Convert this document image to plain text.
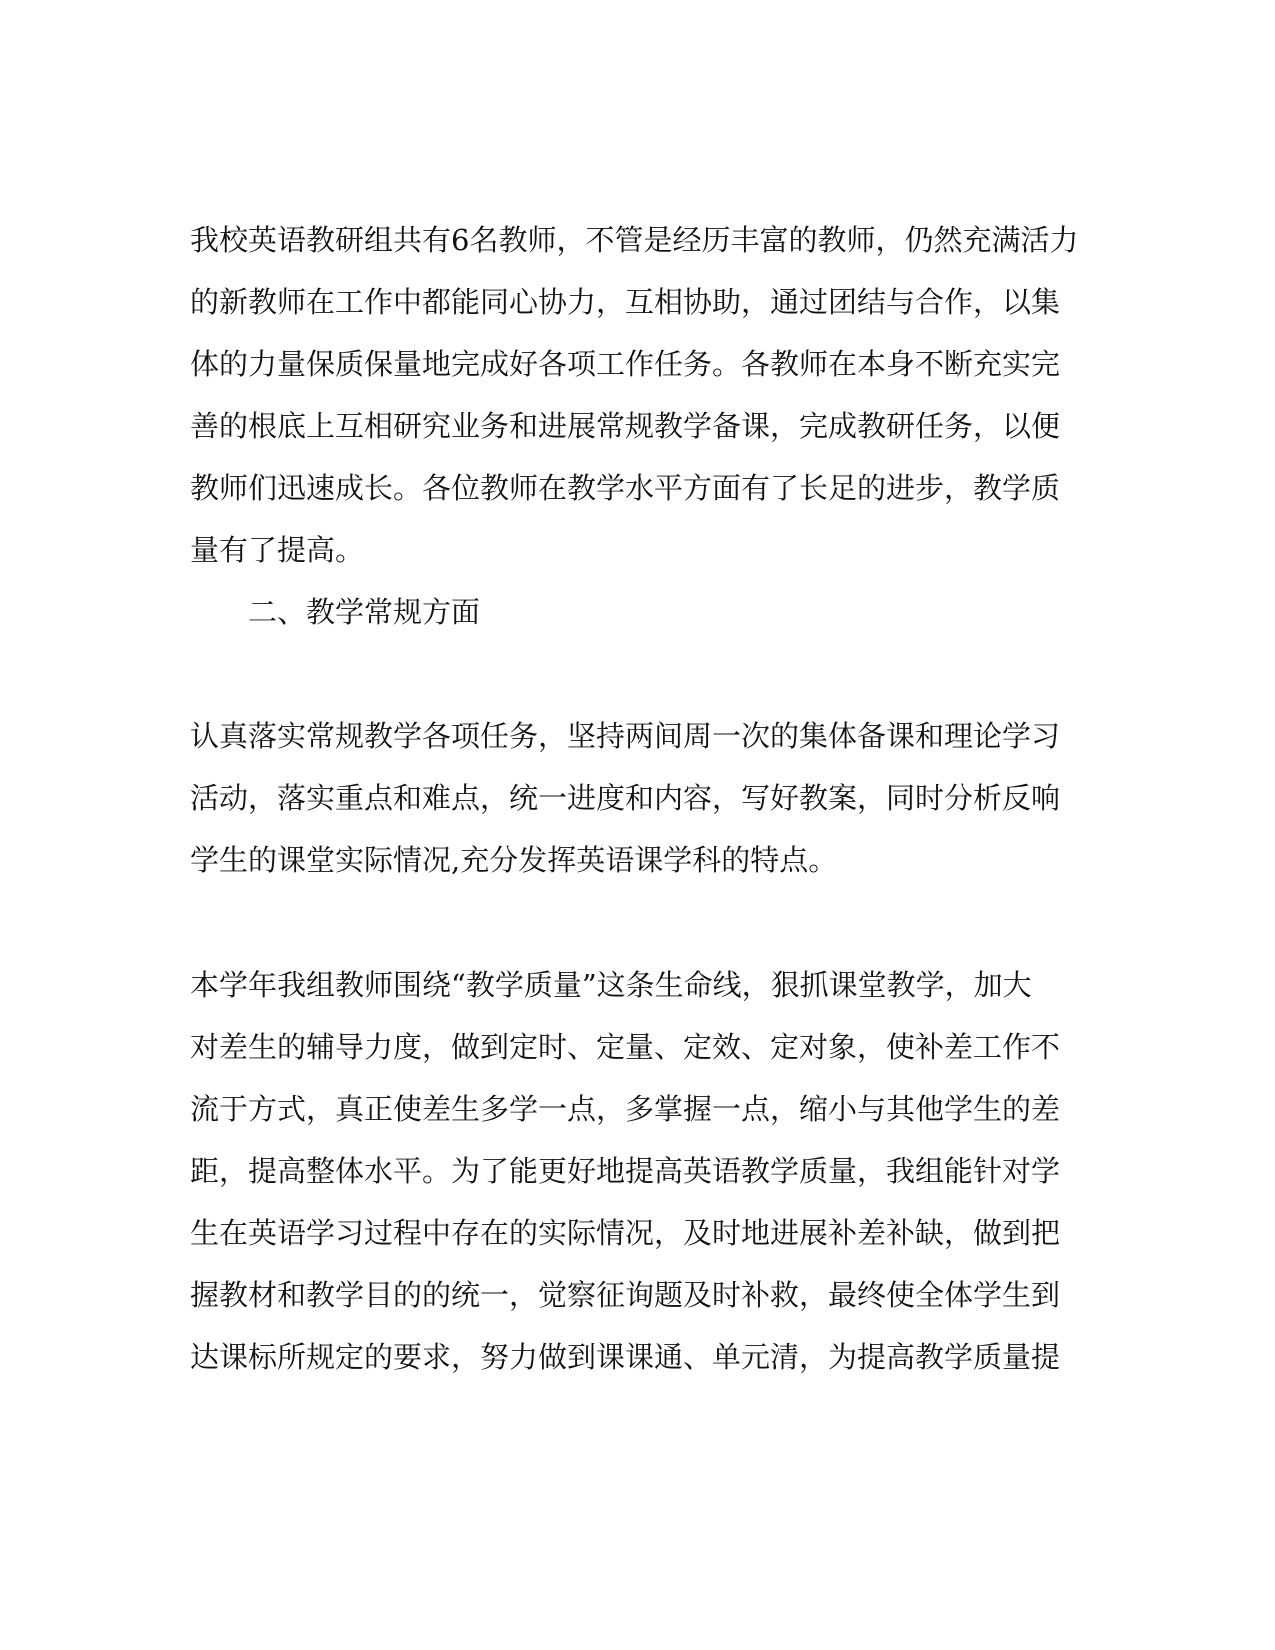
我校英语教研组共有6名教师，不管是经历丰富的教师，仍然充满活力
的新教师在工作中都能同心协力，互相协助，通过团结与合作，以集
体的力量保质保量地完成好各项工作任务。各教师在本身不断充实完
善的根底上互相研究业务和进展常规教学备课，完成教研任务，以便
教师们迅速成长。各位教师在教学水平方面有了长足的进步，教学质
量有了提高。
二、教学常规方面
认真落实常规教学各项任务，坚持两间周一次的集体备课和理论学习
活动，落实重点和难点，统一进度和内容，写好教案，同时分析反响
学生的课堂实际情况,充分发挥英语课学科的特点。
本学年我组教师围绕“教学质量”这条生命线，狠抓课堂教学，加大
对差生的辅导力度，做到定时、定量、定效、定对象，使补差工作不
流于方式，真正使差生多学一点，多掌握一点，缩小与其他学生的差
距，提高整体水平。为了能更好地提高英语教学质量，我组能针对学
生在英语学习过程中存在的实际情况，及时地进展补差补缺，做到把
握教材和教学目的的统一，觉察征询题及时补救，最终使全体学生到
达课标所规定的要求，努力做到课课通、单元清，为提高教学质量提
